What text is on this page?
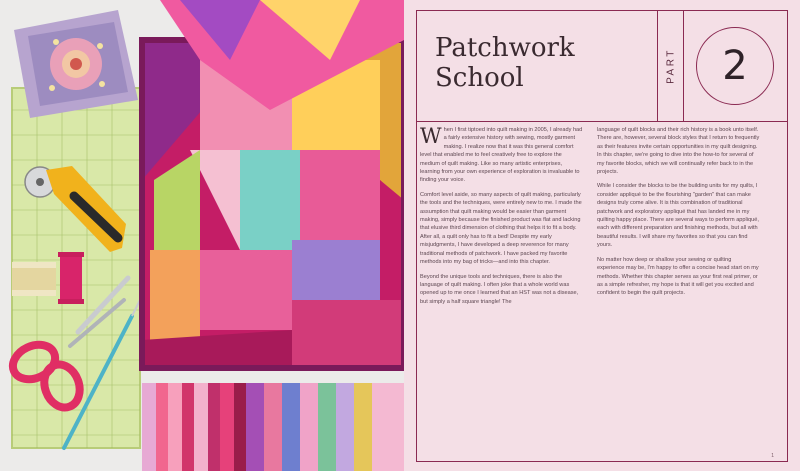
Patchwork School	PART 2

When I first tiptoed into quilt making in 2005, I already had a fairly extensive history with sewing, mostly garment making. I realize now that it was this general comfort level that enabled me to feel creatively free to explore the medium of quilt making. Like so many artistic enterprises, learning from your own experience of exploration is invaluable to finding your voice.

Comfort level aside, so many aspects of quilt making, particularly the tools and the techniques, were entirely new to me. I made the assumption that quilt making would be easier than garment making, simply because the finished product was flat and lacking that elusive third dimension of clothing that helps it to fit a body. After all, a quilt only has to fit a bed! Despite my early misjudgments, I have developed a deep reverence for many traditional methods of patchwork. I have packed my favorite methods into my bag of tricks—and into this chapter.

Beyond the unique tools and techniques, there is also the language of quilt making. I often joke that a whole world was opened up to me once I learned that an HST was not a disease, but simply a half square triangle! The

language of quilt blocks and their rich history is a book unto itself. There are, however, several block styles that I return to frequently as their features invite certain opportunities in my quilt designing. In this chapter, we're going to dive into the how-to for several of my favorite blocks, which we will continually refer back to in the projects.

While I consider the blocks to be the building units for my quilts, I consider appliqué to be the flourishing "garden" that can make designs truly come alive. It is this combination of traditional patchwork and exploratory appliqué that has landed me in my quilting happy place. There are several ways to perform appliqué, each with different preparation and finishing methods, but all with beautiful results. I will share my favorites so that you can find yours.

No matter how deep or shallow your sewing or quilting experience may be, I'm happy to offer a concise head start on my methods. Whether this chapter serves as your first real primer, or as a simple refresher, my hope is that it will get you excited and confident to begin the quilt projects.

1
